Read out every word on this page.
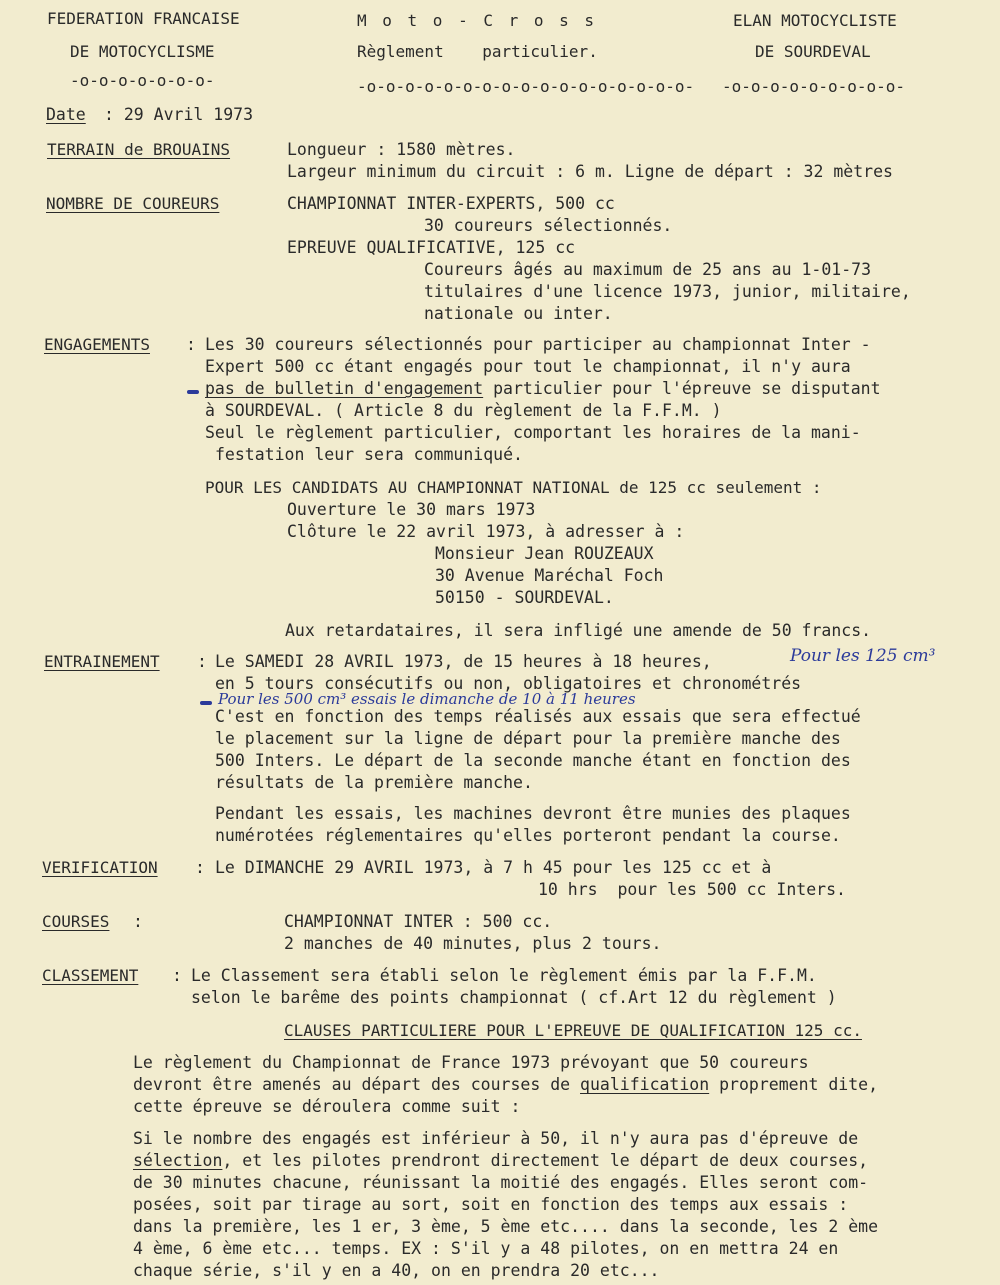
FEDERATION FRANCAISE
DE MOTOCYCLISME
-o-o-o-o-o-o-o-
M o t o - C r o s s
Règlement    particulier.
-o-o-o-o-o-o-o-o-o-o-o-o-o-o-o-o-o-
ELAN MOTOCYCLISTE
DE SOURDEVAL
-o-o-o-o-o-o-o-o-o-
Date : 29 Avril 1973
TERRAIN de BROUAINS	Longueur : 1580 mètres.
Largeur minimum du circuit : 6 m. Ligne de départ : 32 mètres
NOMBRE DE COUREURS	CHAMPIONNAT INTER-EXPERTS, 500 cc
30 coureurs sélectionnés.
EPREUVE QUALIFICATIVE, 125 cc
Coureurs âgés au maximum de 25 ans au 1-01-73
titulaires d'une licence 1973, junior, militaire,
nationale ou inter.
ENGAGEMENTS : Les 30 coureurs sélectionnés pour participer au championnat Inter -
Expert 500 cc étant engagés pour tout le championnat, il n'y aura
pas de bulletin d'engagement particulier pour l'épreuve se disputant
à SOURDEVAL. ( Article 8 du règlement de la F.F.M. )
Seul le règlement particulier, comportant les horaires de la mani-
festation leur sera communiqué.
POUR LES CANDIDATS AU CHAMPIONNAT NATIONAL de 125 cc seulement :
Ouverture le 30 mars 1973
Clôture le 22 avril 1973, à adresser à :
Monsieur Jean ROUZEAUX
30 Avenue Maréchal Foch
50150 - SOURDEVAL.
Aux retardataires, il sera infligé une amende de 50 francs.
ENTRAINEMENT : Le SAMEDI 28 AVRIL 1973, de 15 heures à 18 heures,	Pour les 125 cm³
en 5 tours consécutifs ou non, obligatoires et chronométrés
Pour les 500 cm³ essais le dimanche de 10 à 11 heures
C'est en fonction des temps réalisés aux essais que sera effectué
le placement sur la ligne de départ pour la première manche des
500 Inters. Le départ de la seconde manche étant en fonction des
résultats de la première manche.
Pendant les essais, les machines devront être munies des plaques
numérotées réglementaires qu'elles porteront pendant la course.
VERIFICATION : Le DIMANCHE 29 AVRIL 1973, à 7 h 45 pour les 125 cc et à
10 hrs  pour les 500 cc Inters.
COURSES :	CHAMPIONNAT INTER : 500 cc.
2 manches de 40 minutes, plus 2 tours.
CLASSEMENT : Le Classement sera établi selon le règlement émis par la F.F.M.
selon le barême des points championnat ( cf.Art 12 du règlement )
CLAUSES PARTICULIERE POUR L'EPREUVE DE QUALIFICATION 125 cc.
Le règlement du Championnat de France 1973 prévoyant que 50 coureurs
devront être amenés au départ des courses de qualification proprement dite,
cette épreuve se déroulera comme suit :
Si le nombre des engagés est inférieur à 50, il n'y aura pas d'épreuve de
sélection, et les pilotes prendront directement le départ de deux courses,
de 30 minutes chacune, réunissant la moitié des engagés. Elles seront com-
posées, soit par tirage au sort, soit en fonction des temps aux essais :
dans la première, les 1 er, 3 ème, 5 ème etc.... dans la seconde, les 2 ème
4 ème, 6 ème etc... temps. EX : S'il y a 48 pilotes, on en mettra 24 en
chaque série, s'il y en a 40, on en prendra 20 etc...
